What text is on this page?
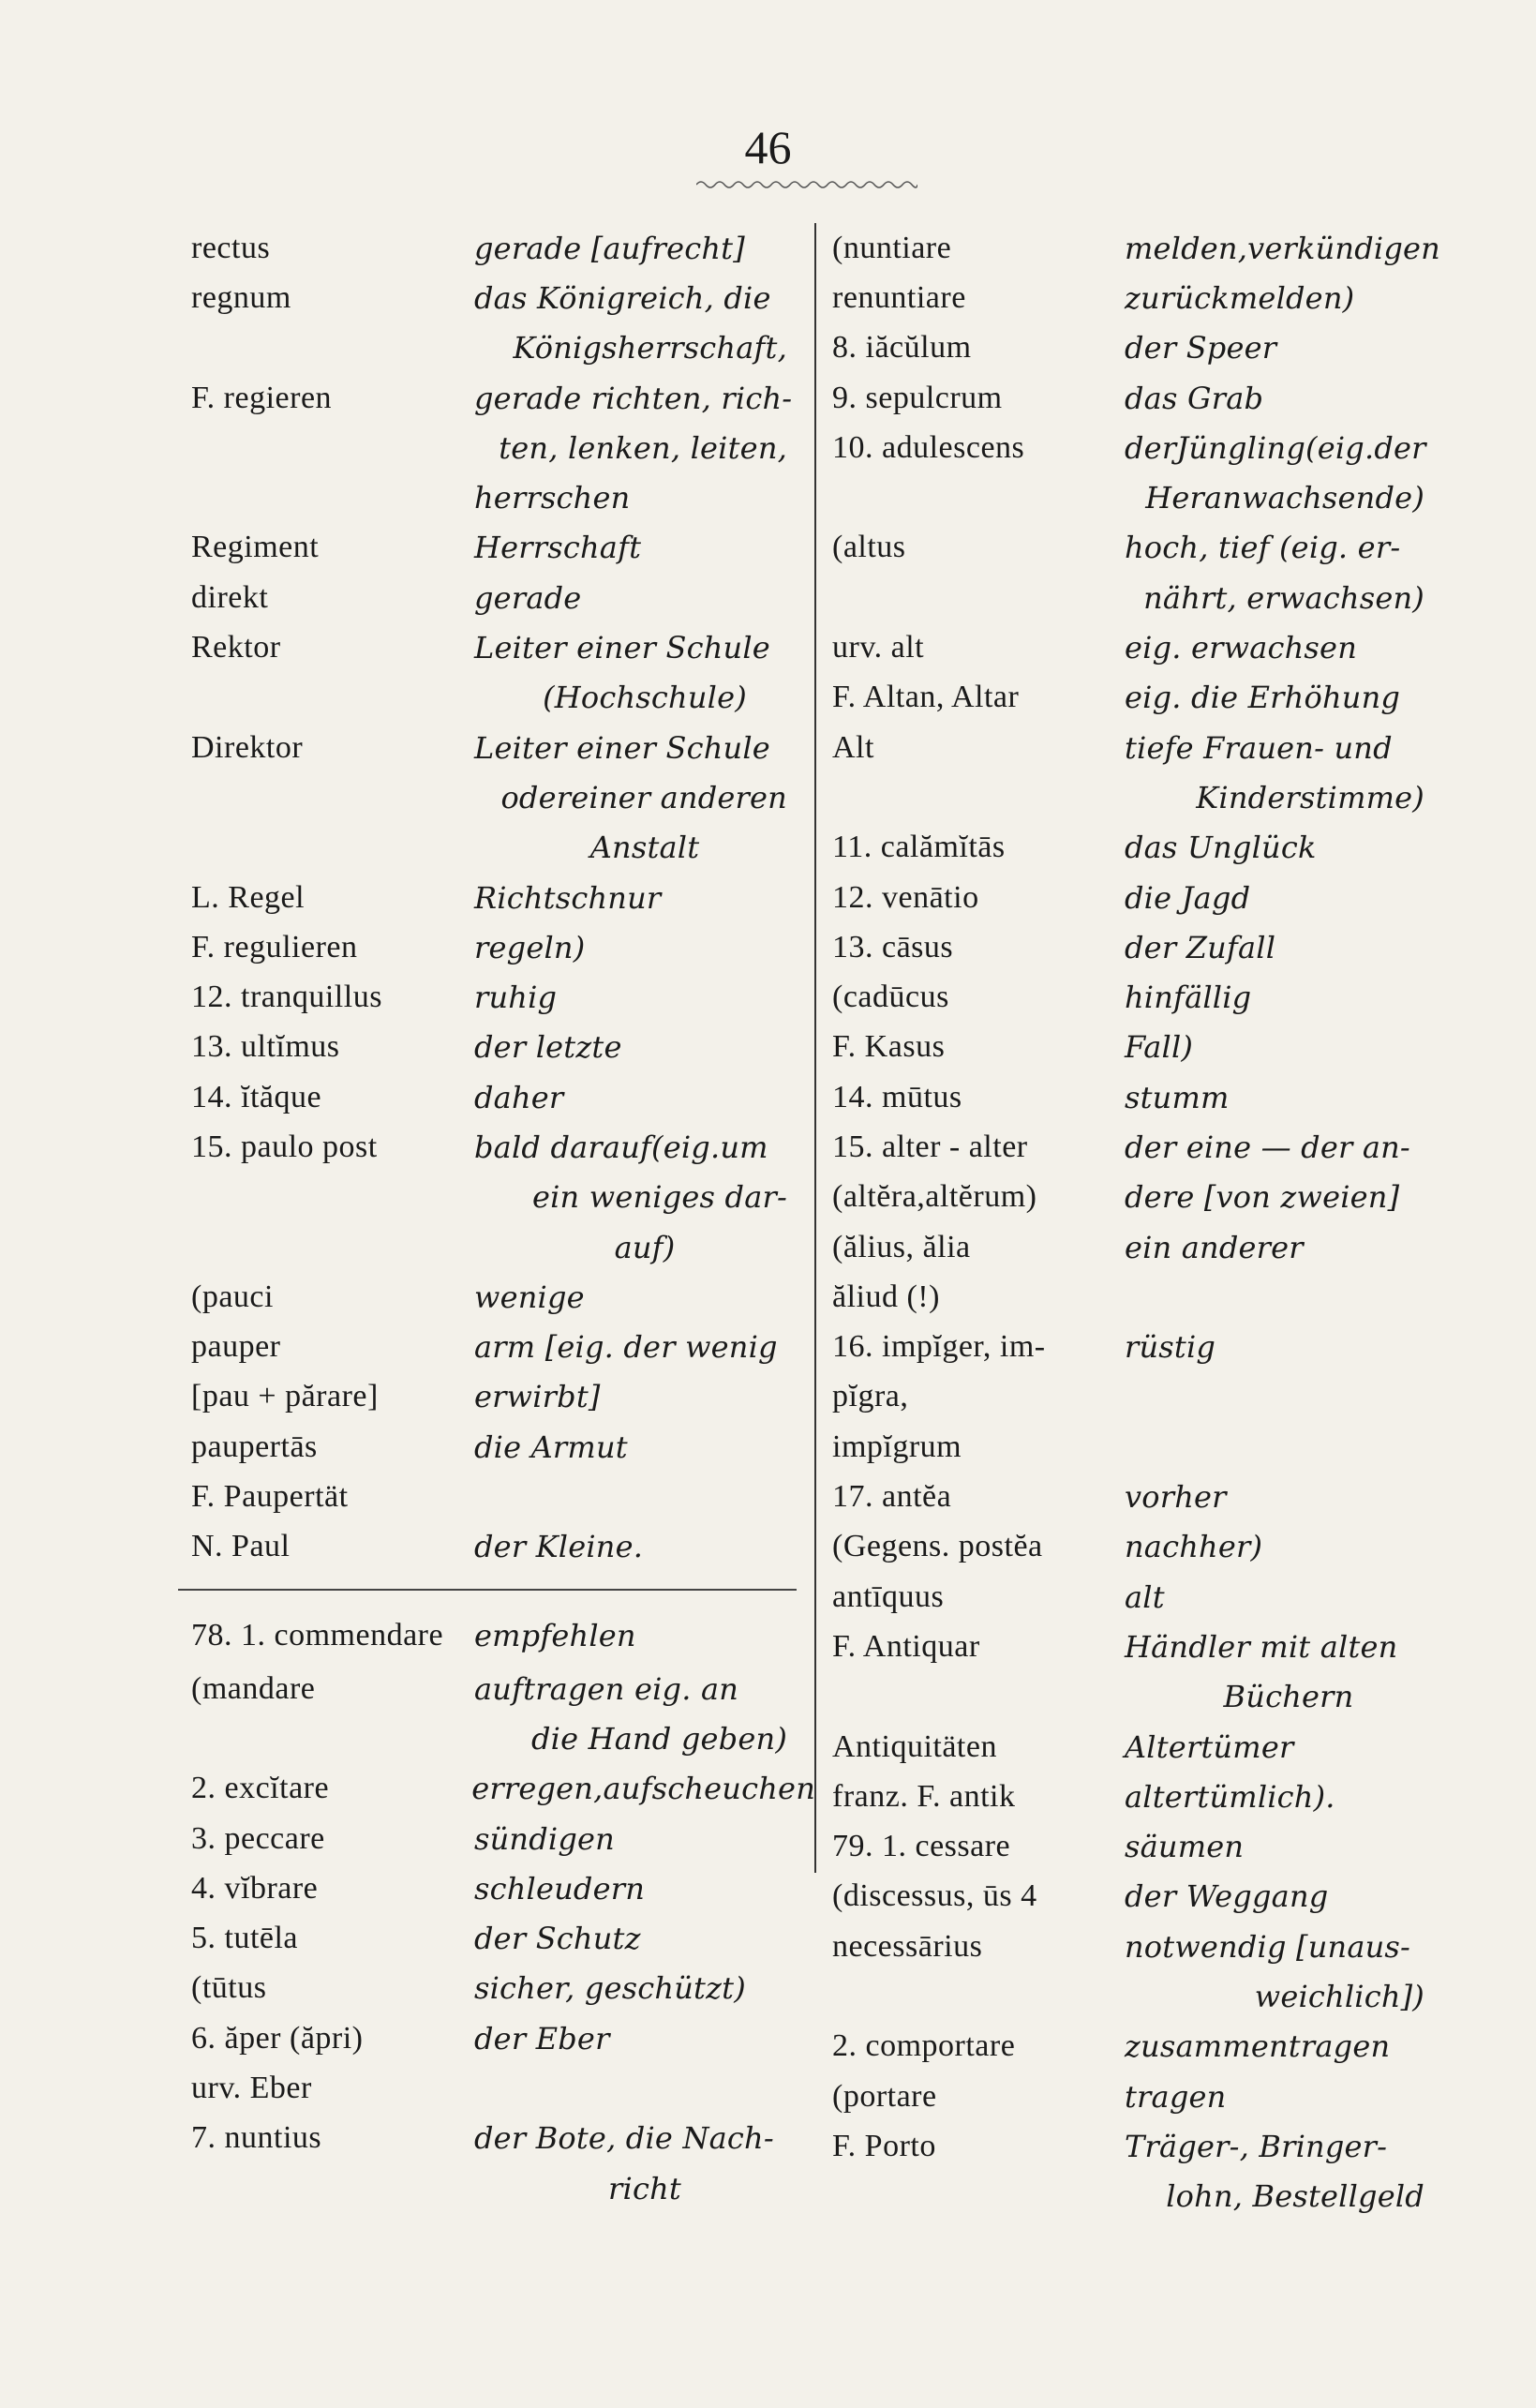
46
rectus	gerade [aufrecht]
regnum	das Königreich, die
Königsherrschaft,
F. regieren	gerade richten, rich-
ten, lenken, leiten,
herrschen
Regiment	Herrschaft
direkt	gerade
Rektor	Leiter einer Schule
(Hochschule)
Direktor	Leiter einer Schule
odereiner anderen
Anstalt
L. Regel	Richtschnur
F. regulieren	regeln)
12. tranquillus	ruhig
13. ultĭmus	der letzte
14. ĭtăque	daher
15. paulo post	bald darauf(eig.um
ein weniges dar-
auf)
(pauci	wenige
pauper	arm [eig. der wenig
[pau + părare]	erwirbt]
paupertās	die Armut
F. Paupertät
N. Paul	der Kleine.
78. 1. commendare	empfehlen
(mandare	auftragen eig. an
die Hand geben)
2. excĭtare	erregen,aufscheuchen
3. peccare	sündigen
4. vĭbrare	schleudern
5. tutēla	der Schutz
(tūtus	sicher, geschützt)
6. ăper (ăpri)	der Eber
urv. Eber
7. nuntius	der Bote, die Nach-
richt
(nuntiare	melden,verkündigen
renuntiare	zurückmelden)
8. iăcŭlum	der Speer
9. sepulcrum	das Grab
10. adulescens	derJüngling(eig.der
Heranwachsende)
(altus	hoch, tief (eig. er-
nährt, erwachsen)
urv. alt	eig. erwachsen
F. Altan, Altar	eig. die Erhöhung
Alt	tiefe Frauen- und
Kinderstimme)
11. calămĭtās	das Unglück
12. venātio	die Jagd
13. cāsus	der Zufall
(cadūcus	hinfällig
F. Kasus	Fall)
14. mūtus	stumm
15. alter - alter	der eine — der an-
(altĕra,altĕrum)	dere [von zweien]
(ălius, ălia	ein anderer
ăliud (!)
16. impĭger, im-	rüstig
pĭgra,
impĭgrum
17. antĕa	vorher
(Gegens. postĕa	nachher)
antīquus	alt
F. Antiquar	Händler mit alten
Büchern
Antiquitäten	Altertümer
franz. F. antik	altertümlich).
79. 1. cessare	säumen
(discessus, ūs 4	der Weggang
necessārius	notwendig [unaus-
weichlich])
2. comportare	zusammentragen
(portare	tragen
F. Porto	Träger-, Bringer-
lohn, Bestellgeld
